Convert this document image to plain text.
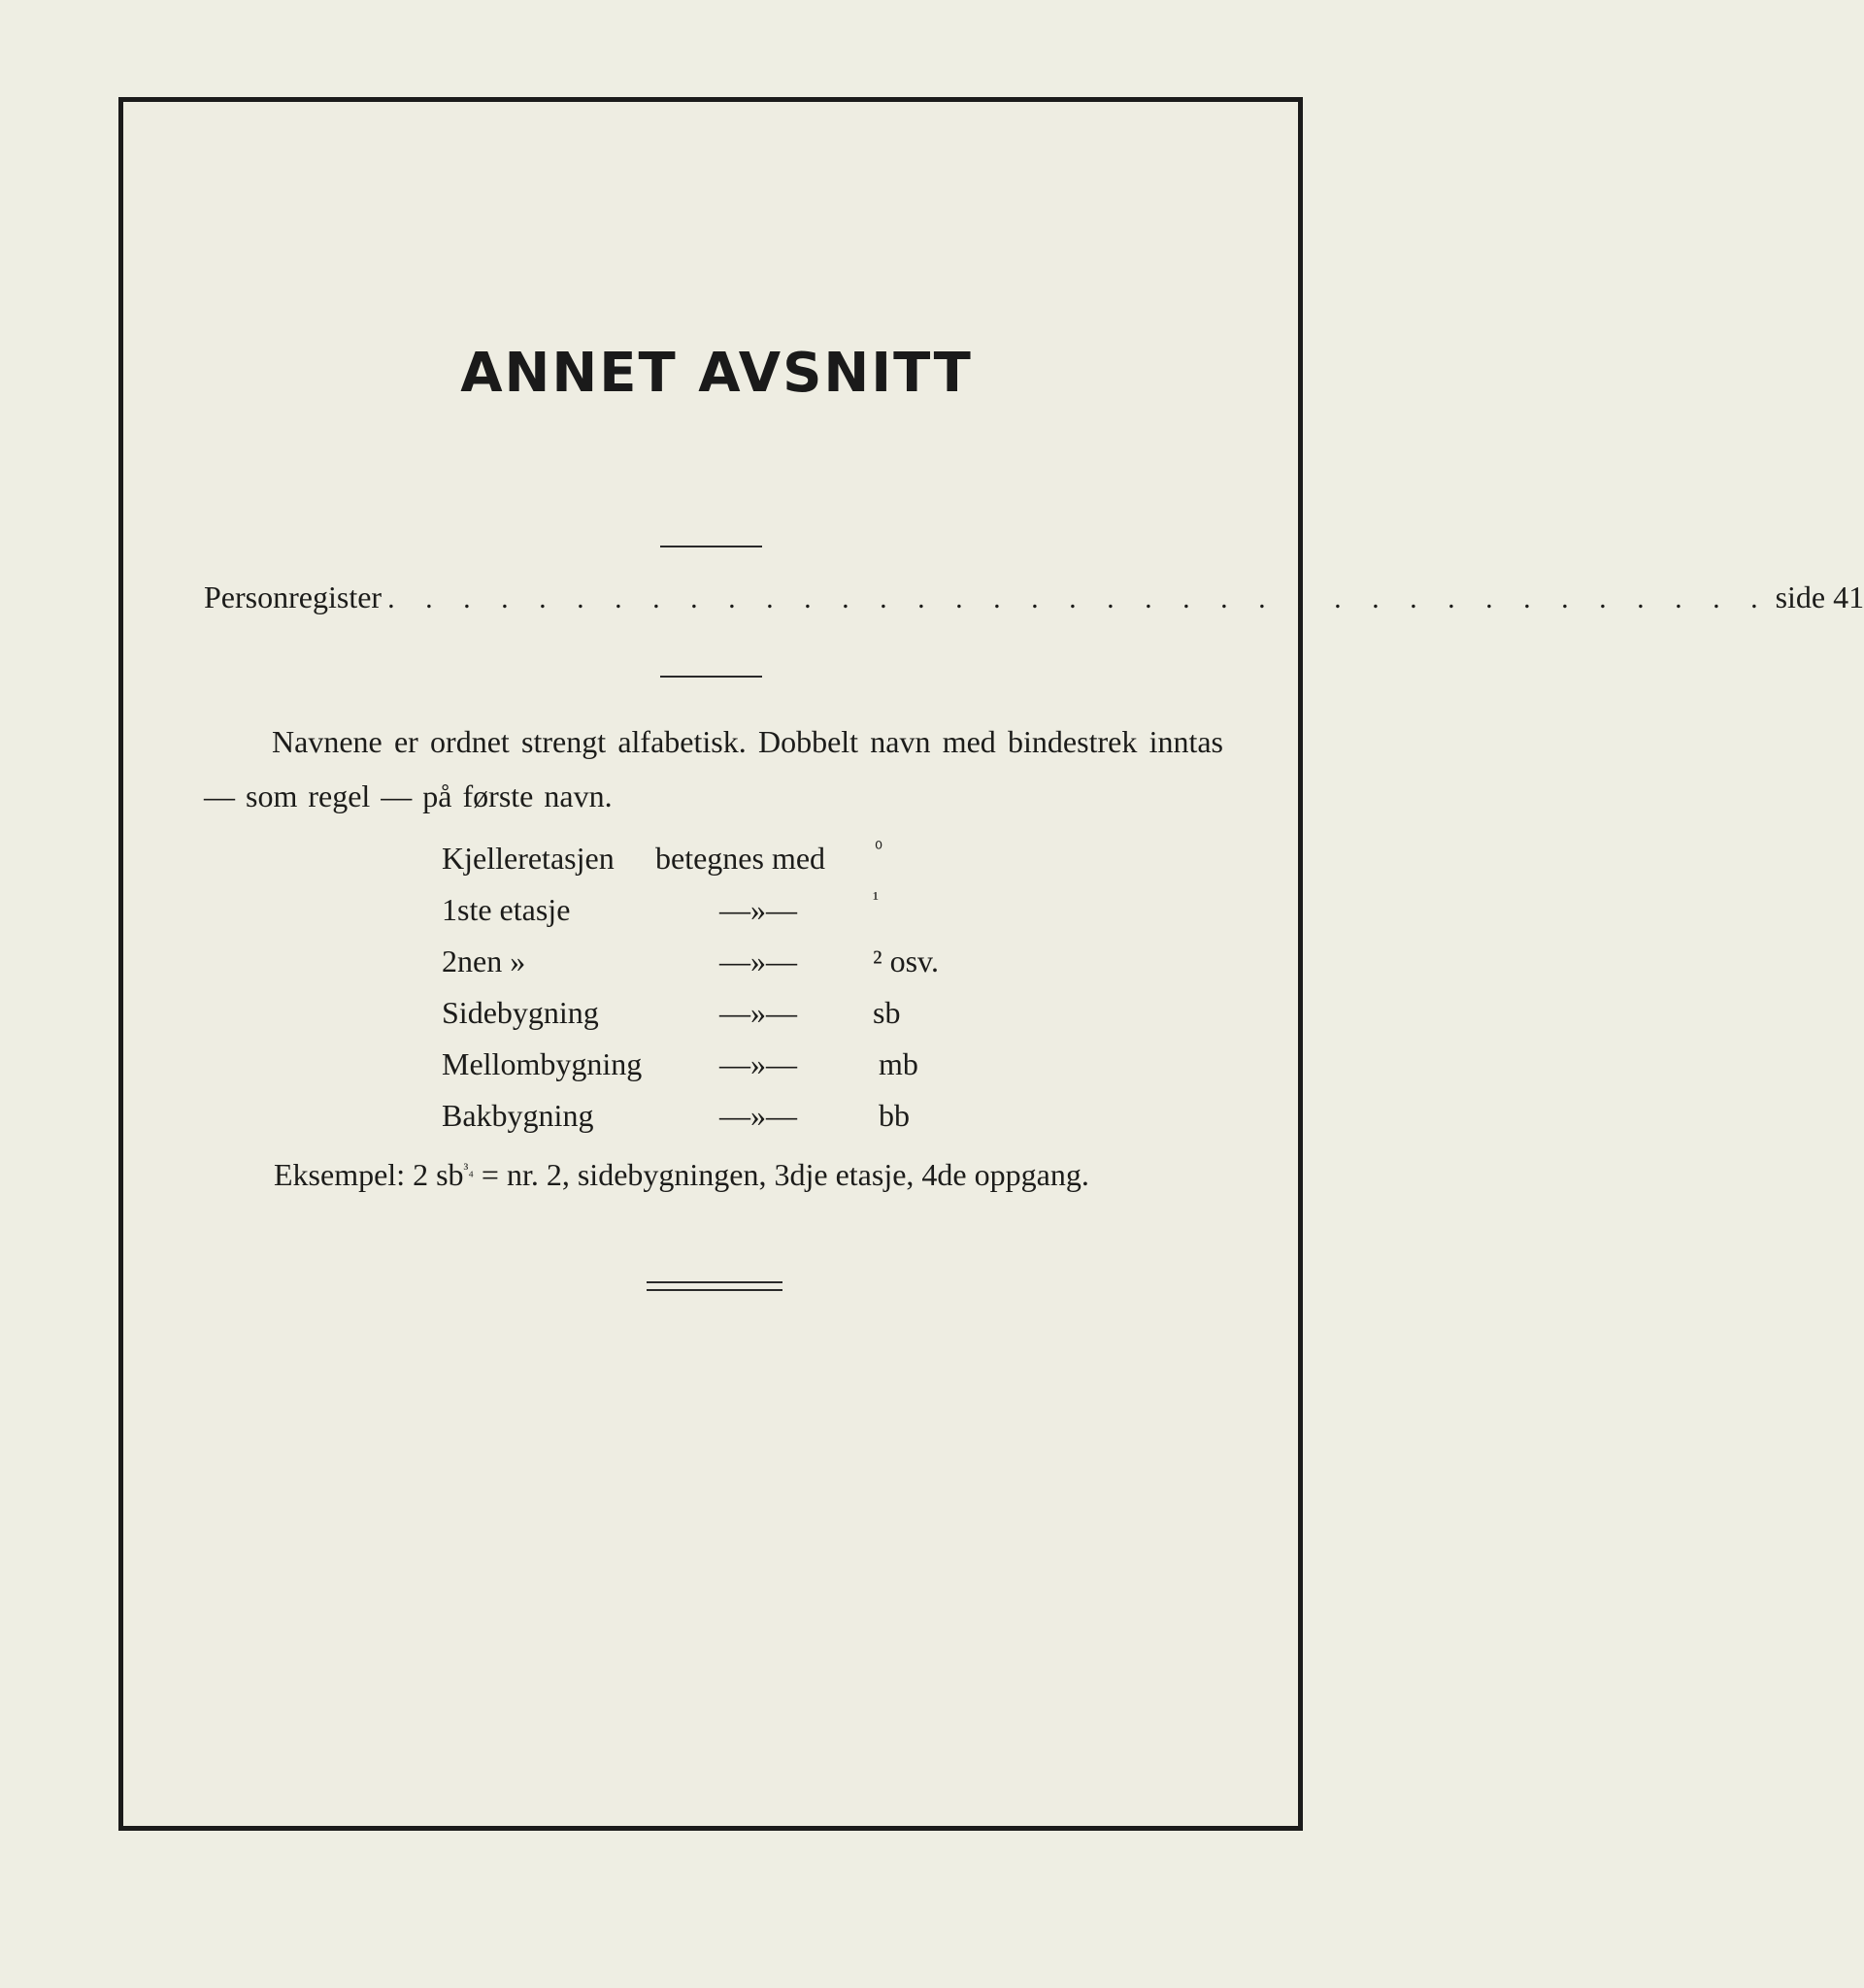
ANNET AVSNITT
Personregister . . . . . . . . . . . . . . . . . . . . . . . . . . . . . . . . . . . . . side 41
Navnene er ordnet strengt alfabetisk. Dobbelt navn med bindestrek inntas — som regel — på første navn.
Kjelleretasjen betegnes med	⁰
1ste etasje	—»—	¹
2nen »	—»— ² osv.
Sidebygning	—»— sb
Mellombygning —»—	mb
Bakbygning	—»—	bb
Eksempel: 2 $sb^{^3_4}$ = nr. 2, sidebygningen, 3dje etasje, 4de oppgang.
